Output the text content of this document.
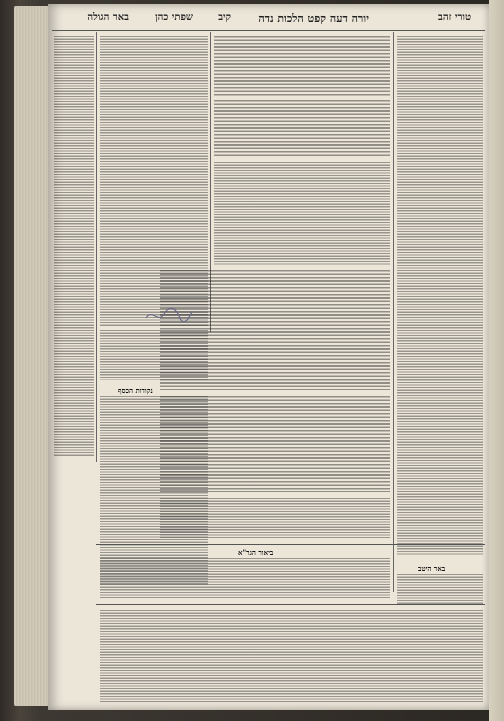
טורי זהב
יורה דעה קפט הלכות נדה
קיב
שפתי כהן
באר הגולה
נקודות הכסף
ביאור הגר"א
באר היטב
